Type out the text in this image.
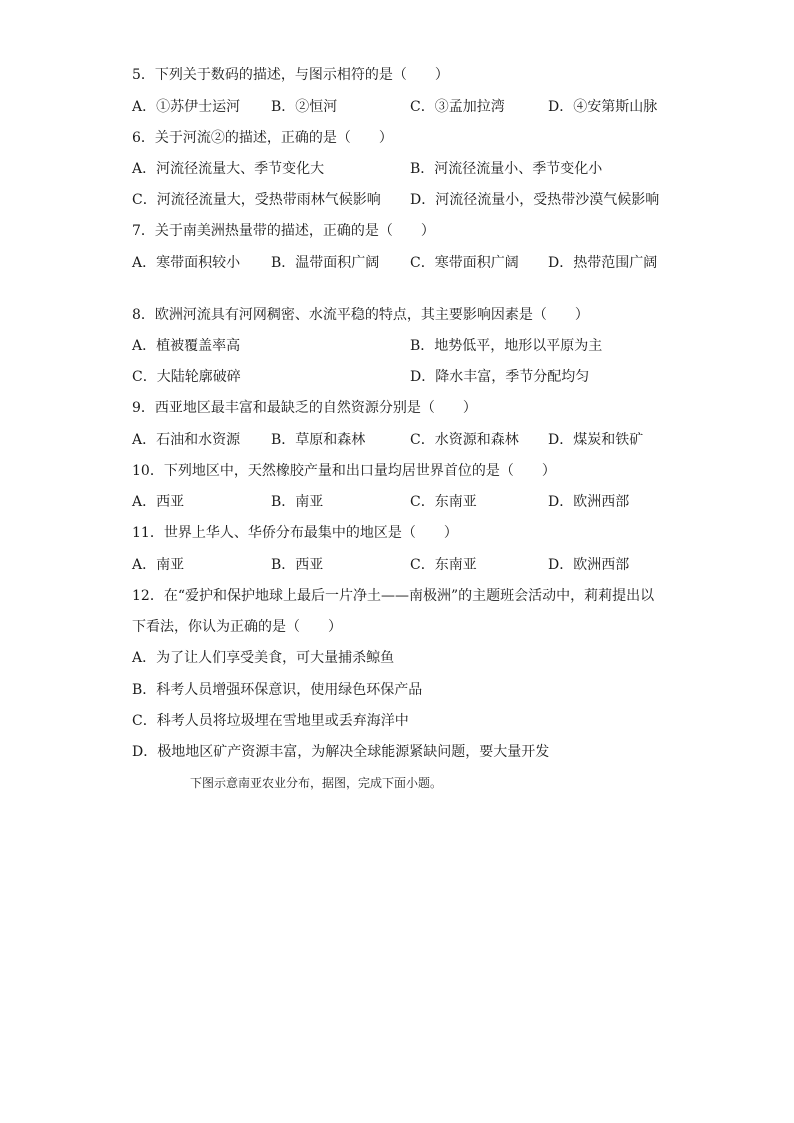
5．下列关于数码的描述，与图示相符的是（　　）
A．①苏伊士运河 B．②恒河	C．③孟加拉湾	D．④安第斯山脉
6．关于河流②的描述，正确的是（　　）
A．河流径流量大、季节变化大	B．河流径流量小、季节变化小
C．河流径流量大，受热带雨林气候影响 D．河流径流量小，受热带沙漠气候影响
7．关于南美洲热量带的描述，正确的是（　　）
A．寒带面积较小 B．温带面积广阔 C．寒带面积广阔 D．热带范围广阔
8．欧洲河流具有河网稠密、水流平稳的特点，其主要影响因素是（　　）
A．植被覆盖率高	B．地势低平，地形以平原为主
C．大陆轮廓破碎	D．降水丰富，季节分配均匀
9．西亚地区最丰富和最缺乏的自然资源分别是（　　）
A．石油和水资源 B．草原和森林	C．水资源和森林 D．煤炭和铁矿
10．下列地区中，天然橡胶产量和出口量均居世界首位的是（　　）
A．西亚	B．南亚	C．东南亚	D．欧洲西部
11．世界上华人、华侨分布最集中的地区是（　　）
A．南亚	B．西亚	C．东南亚	D．欧洲西部
12．在“爱护和保护地球上最后一片净土——南极洲”的主题班会活动中，莉莉提出以
下看法，你认为正确的是（　　）
A．为了让人们享受美食，可大量捕杀鲸鱼
B．科考人员增强环保意识，使用绿色环保产品
C．科考人员将垃圾埋在雪地里或丢弃海洋中
D．极地地区矿产资源丰富，为解决全球能源紧缺问题，要大量开发
下图示意南亚农业分布，据图，完成下面小题。
